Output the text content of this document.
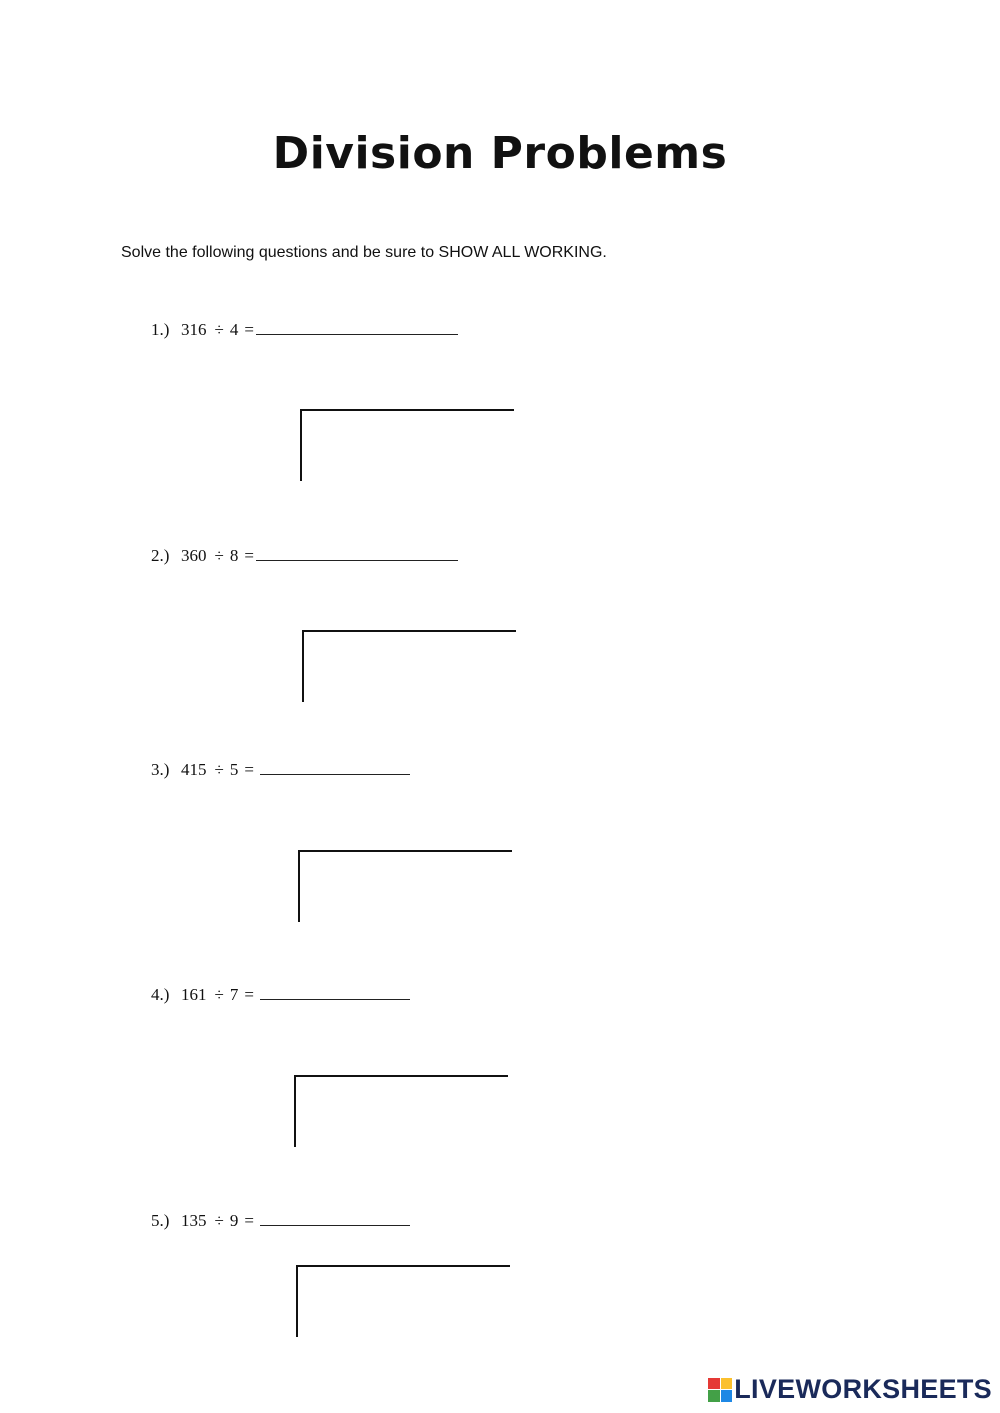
Division Problems
Solve the following questions and be sure to SHOW ALL WORKING.
1.) 316 ÷ 4 =
2.) 360 ÷ 8 =
3.) 415 ÷ 5 =
4.) 161 ÷ 7 =
5.) 135 ÷ 9 =
LIVEWORKSHEETS
